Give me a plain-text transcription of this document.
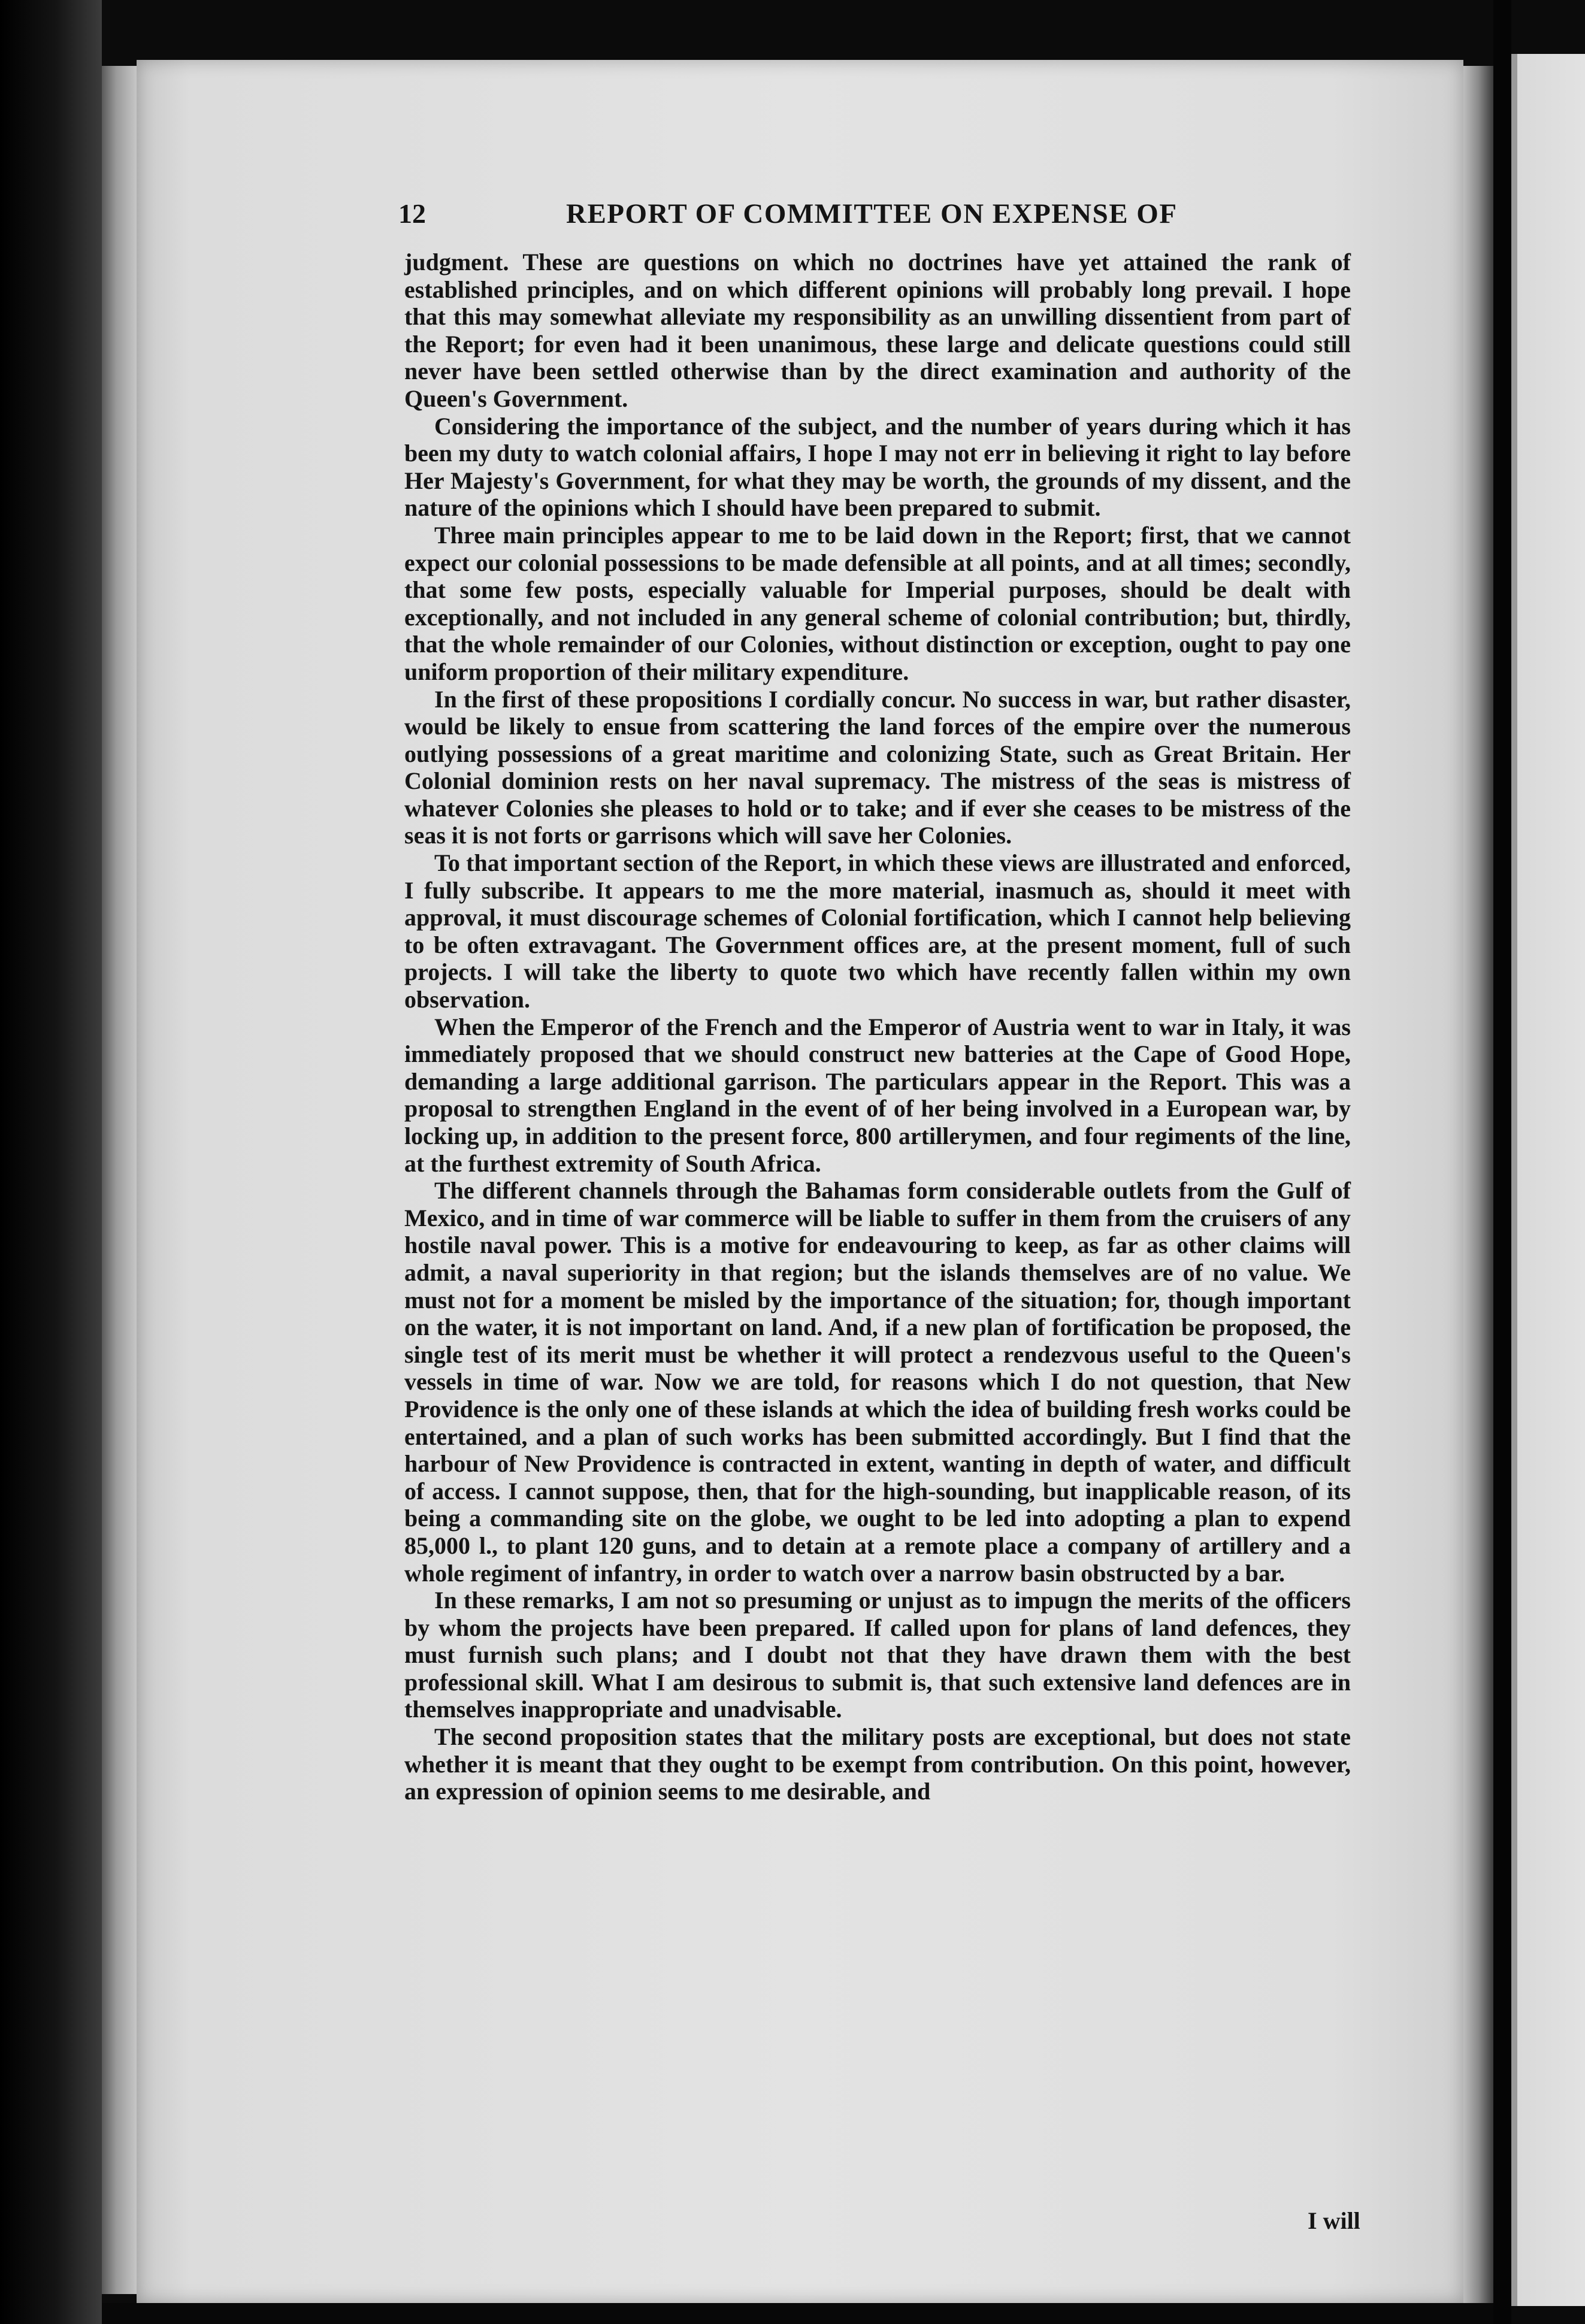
12	REPORT OF COMMITTEE ON EXPENSE OF

judgment. These are questions on which no doctrines have yet attained the rank of established principles, and on which different opinions will probably long prevail. I hope that this may somewhat alleviate my responsibility as an unwilling dissentient from part of the Report; for even had it been unanimous, these large and delicate questions could still never have been settled otherwise than by the direct examination and authority of the Queen's Government.

Considering the importance of the subject, and the number of years during which it has been my duty to watch colonial affairs, I hope I may not err in believing it right to lay before Her Majesty's Government, for what they may be worth, the grounds of my dissent, and the nature of the opinions which I should have been prepared to submit.

Three main principles appear to me to be laid down in the Report; first, that we cannot expect our colonial possessions to be made defensible at all points, and at all times; secondly, that some few posts, especially valuable for Imperial purposes, should be dealt with exceptionally, and not included in any general scheme of colonial contribution; but, thirdly, that the whole remainder of our Colonies, without distinction or exception, ought to pay one uniform proportion of their military expenditure.

In the first of these propositions I cordially concur. No success in war, but rather disaster, would be likely to ensue from scattering the land forces of the empire over the numerous outlying possessions of a great maritime and colonizing State, such as Great Britain. Her Colonial dominion rests on her naval supremacy. The mistress of the seas is mistress of whatever Colonies she pleases to hold or to take; and if ever she ceases to be mistress of the seas it is not forts or garrisons which will save her Colonies.

To that important section of the Report, in which these views are illustrated and enforced, I fully subscribe. It appears to me the more material, inasmuch as, should it meet with approval, it must discourage schemes of Colonial fortification, which I cannot help believing to be often extravagant. The Government offices are, at the present moment, full of such projects. I will take the liberty to quote two which have recently fallen within my own observation.

When the Emperor of the French and the Emperor of Austria went to war in Italy, it was immediately proposed that we should construct new batteries at the Cape of Good Hope, demanding a large additional garrison. The particulars appear in the Report. This was a proposal to strengthen England in the event of of her being involved in a European war, by locking up, in addition to the present force, 800 artillerymen, and four regiments of the line, at the furthest extremity of South Africa.

The different channels through the Bahamas form considerable outlets from the Gulf of Mexico, and in time of war commerce will be liable to suffer in them from the cruisers of any hostile naval power. This is a motive for endeavouring to keep, as far as other claims will admit, a naval superiority in that region; but the islands themselves are of no value. We must not for a moment be misled by the importance of the situation; for, though important on the water, it is not important on land. And, if a new plan of fortification be proposed, the single test of its merit must be whether it will protect a rendezvous useful to the Queen's vessels in time of war. Now we are told, for reasons which I do not question, that New Providence is the only one of these islands at which the idea of building fresh works could be entertained, and a plan of such works has been submitted accordingly. But I find that the harbour of New Providence is contracted in extent, wanting in depth of water, and difficult of access. I cannot suppose, then, that for the high-sounding, but inapplicable reason, of its being a commanding site on the globe, we ought to be led into adopting a plan to expend 85,000 l., to plant 120 guns, and to detain at a remote place a company of artillery and a whole regiment of infantry, in order to watch over a narrow basin obstructed by a bar.

In these remarks, I am not so presuming or unjust as to impugn the merits of the officers by whom the projects have been prepared. If called upon for plans of land defences, they must furnish such plans; and I doubt not that they have drawn them with the best professional skill. What I am desirous to submit is, that such extensive land defences are in themselves inappropriate and unadvisable.

The second proposition states that the military posts are exceptional, but does not state whether it is meant that they ought to be exempt from contribution. On this point, however, an expression of opinion seems to me desirable, and

I will
